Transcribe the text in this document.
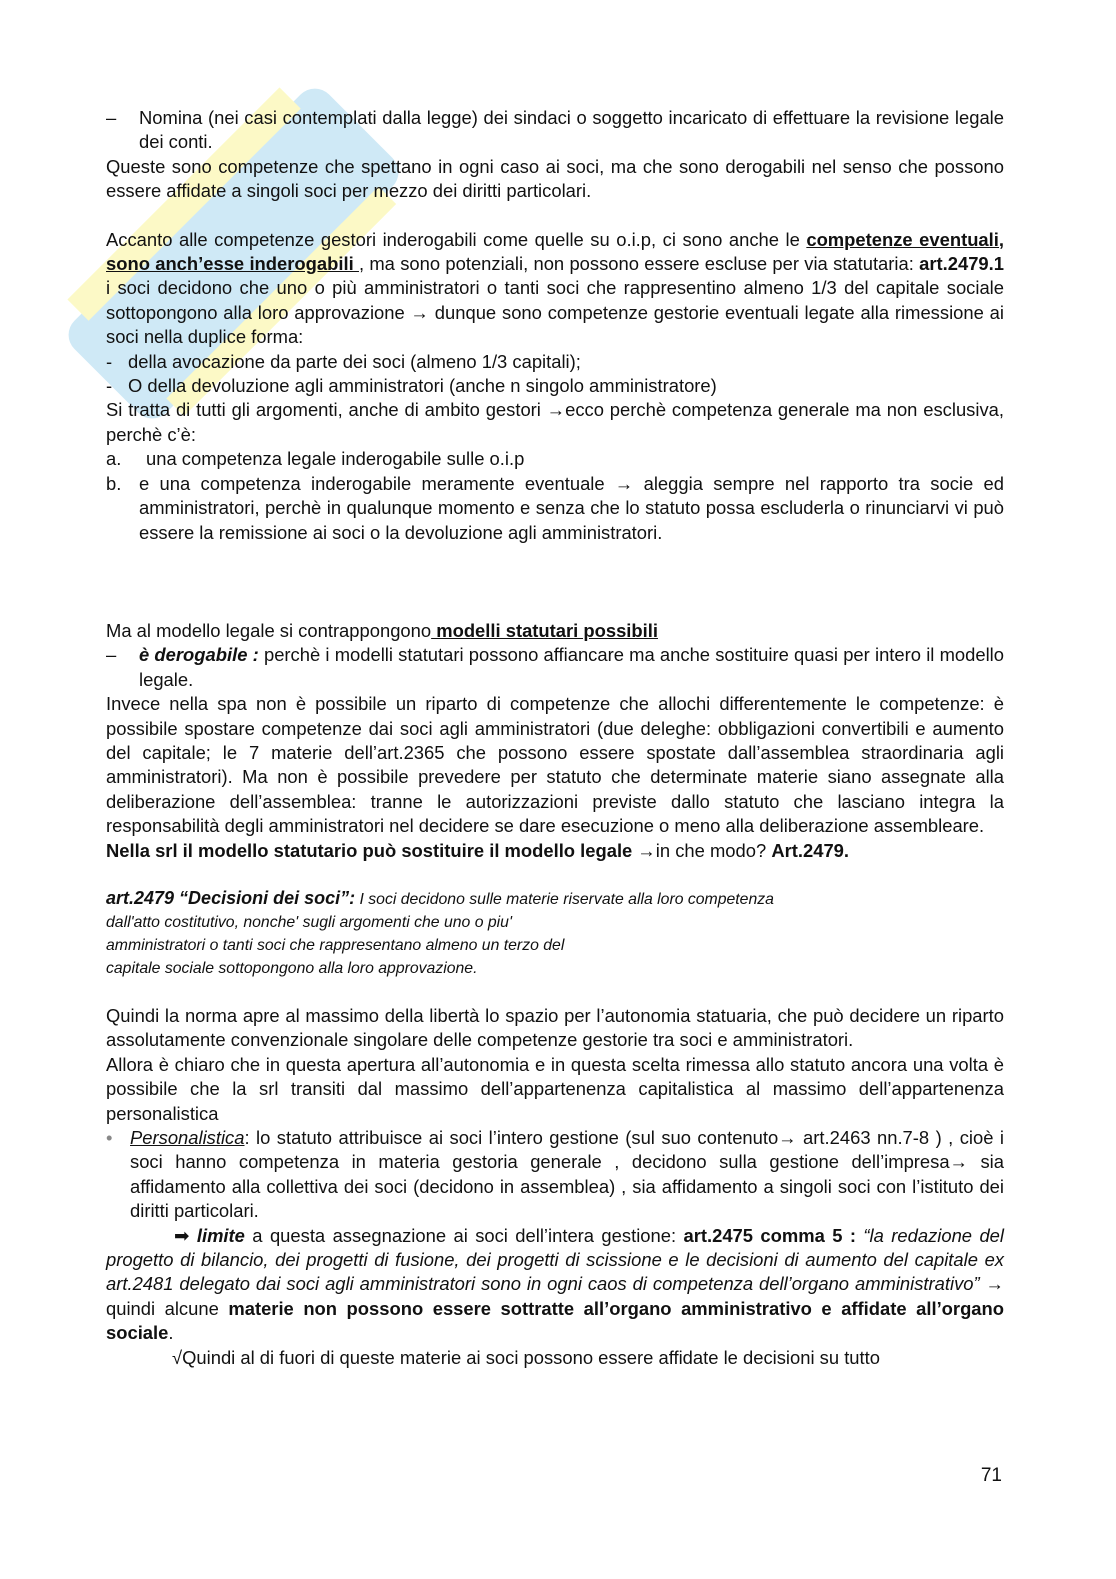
– Nomina (nei casi contemplati dalla legge) dei sindaci o soggetto incaricato di effettuare la revisione legale dei conti.

Queste sono competenze che spettano in ogni caso ai soci, ma che sono derogabili nel senso che possono essere affidate a singoli soci per mezzo dei diritti particolari.

Accanto alle competenze gestori inderogabili come quelle su o.i.p, ci sono anche le competenze eventuali, sono anch’esse inderogabili , ma sono potenziali, non possono essere escluse per via statutaria: art.2479.1 i soci decidono che uno o più amministratori o tanti soci che rappresentino almeno 1/3 del capitale sociale sottopongono alla loro approvazione → dunque sono competenze gestorie eventuali legate alla rimessione ai soci nella duplice forma:

- della avocazione da parte dei soci (almeno 1/3 capitali);

- O della devoluzione agli amministratori (anche n singolo amministratore)

Si tratta di tutti gli argomenti, anche di ambito gestori →ecco perchè competenza generale ma non esclusiva, perchè c’è:

a. una competenza legale inderogabile sulle o.i.p

b. e una competenza inderogabile meramente eventuale → aleggia sempre nel rapporto tra socie ed amministratori, perchè in qualunque momento e senza che lo statuto possa escluderla o rinunciarvi vi può essere la remissione ai soci o la devoluzione agli amministratori.

Ma al modello legale si contrappongono modelli statutari possibili

– è derogabile : perchè i modelli statutari possono affiancare ma anche sostituire quasi per intero il modello legale.

Invece nella spa non è possibile un riparto di competenze che allochi differentemente le competenze: è possibile spostare competenze dai soci agli amministratori (due deleghe: obbligazioni convertibili e aumento del capitale; le 7 materie dell’art.2365 che possono essere spostate dall’assemblea straordinaria agli amministratori). Ma non è possibile prevedere per statuto che determinate materie siano assegnate alla deliberazione dell’assemblea: tranne le autorizzazioni previste dallo statuto che lasciano integra la responsabilità degli amministratori nel decidere se dare esecuzione o meno alla deliberazione assembleare.

Nella srl il modello statutario può sostituire il modello legale →in che modo? Art.2479.

art.2479 “Decisioni dei soci”: I soci decidono sulle materie riservate alla loro competenza
dall'atto costitutivo, nonche' sugli argomenti che uno o piu'
amministratori o tanti soci che rappresentano almeno un terzo del
capitale sociale sottopongono alla loro approvazione.

Quindi la norma apre al massimo della libertà lo spazio per l’autonomia statuaria, che può decidere un riparto assolutamente convenzionale singolare delle competenze gestorie tra soci e amministratori.

Allora è chiaro che in questa apertura all’autonomia e in questa scelta rimessa allo statuto ancora una volta è possibile che la srl transiti dal massimo dell’appartenenza capitalistica al massimo dell’appartenenza personalistica

• Personalistica: lo statuto attribuisce ai soci l’intero gestione (sul suo contenuto→ art.2463 nn.7-8 ) , cioè i soci hanno competenza in materia gestoria generale , decidono sulla gestione dell’impresa→ sia affidamento alla collettiva dei soci (decidono in assemblea) , sia affidamento a singoli soci con l’istituto dei diritti particolari.

➡ limite a questa assegnazione ai soci dell’intera gestione: art.2475 comma 5 : “la redazione del progetto di bilancio, dei progetti di fusione, dei progetti di scissione e le decisioni di aumento del capitale ex art.2481 delegato dai soci agli amministratori sono in ogni caos di competenza dell’organo amministrativo” → quindi alcune materie non possono essere sottratte all’organo amministrativo e affidate all’organo sociale.

√Quindi al di fuori di queste materie ai soci possono essere affidate le decisioni su tutto

71
